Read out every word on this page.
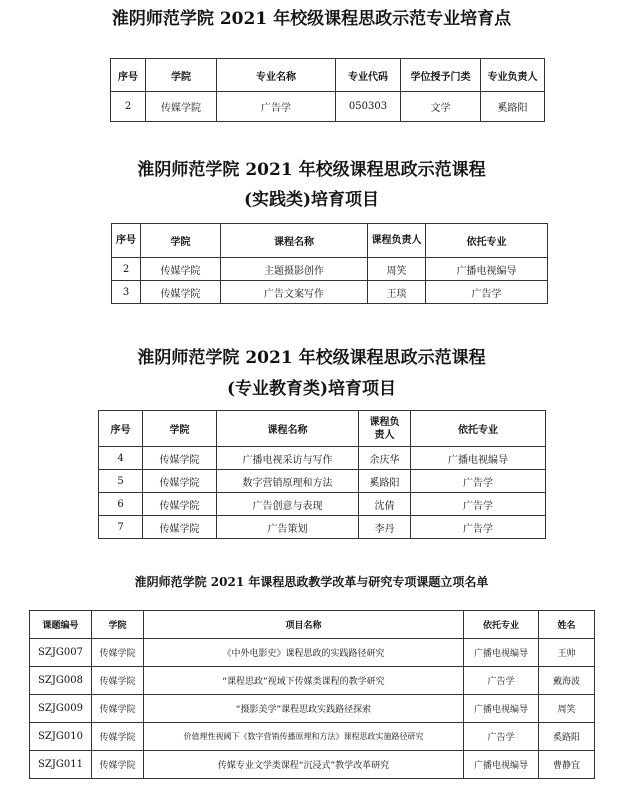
淮阴师范学院 2021 年校级课程思政示范专业培育点
序号	学院	专业名称	专业代码	学位授予门类	专业负责人
2	传媒学院	广告学	050303	文学	奚路阳
淮阴师范学院 2021 年校级课程思政示范课程
(实践类)培育项目
序号	学院	课程名称	课程负责人	依托专业
2	传媒学院	主题摄影创作	周笑	广播电视编导
3	传媒学院	广告文案写作	王琰	广告学
淮阴师范学院 2021 年校级课程思政示范课程
(专业教育类)培育项目
序号	学院	课程名称	课程负责人	依托专业
4	传媒学院	广播电视采访与写作	余庆华	广播电视编导
5	传媒学院	数字营销原理和方法	奚路阳	广告学
6	传媒学院	广告创意与表现	沈倩	广告学
7	传媒学院	广告策划	李丹	广告学
淮阴师范学院 2021 年课程思政教学改革与研究专项课题立项名单
课题编号	学院	项目名称	依托专业	姓名
SZJG007	传媒学院	《中外电影史》课程思政的实践路径研究	广播电视编导	王帅
SZJG008	传媒学院	“课程思政”视域下传媒类课程的教学研究	广告学	戴海波
SZJG009	传媒学院	“摄影美学”课程思政实践路径探索	广播电视编导	周笑
SZJG010	传媒学院	价值理性视阈下《数字营销传播原理和方法》课程思政实施路径研究	广告学	奚路阳
SZJG011	传媒学院	传媒专业文学类课程“沉浸式”教学改革研究	广播电视编导	曹静宜
